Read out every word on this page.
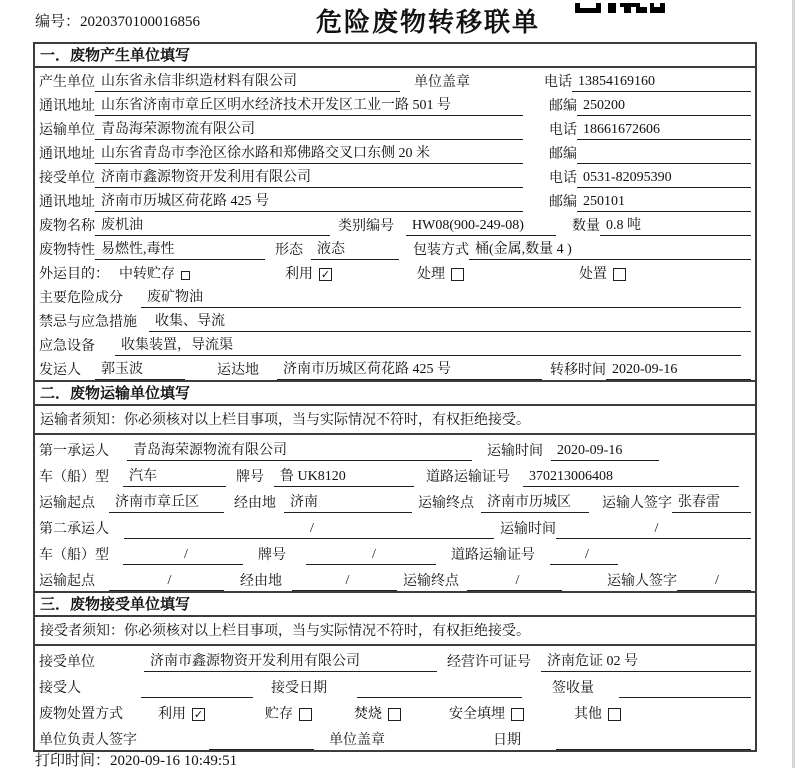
编号：2020370100016856	危险废物转移联单
一．废物产生单位填写
产生单位 山东省永信非织造材料有限公司	单位盖章	电话 13854169160
通讯地址 山东省济南市章丘区明水经济技术开发区工业一路 501 号	邮编 250200
运输单位 青岛海荣源物流有限公司	电话 18661672606
通讯地址 山东省青岛市李沧区徐水路和郑佛路交叉口东侧 20 米	邮编
接受单位 济南市鑫源物资开发利用有限公司	电话 0531-82095390
通讯地址 济南市历城区荷花路 425 号	邮编 250101
废物名称 废机油	类别编号	HW08(900-249-08)	数量 0.8 吨
废物特性 易燃性,毒性	形态	液态	包装方式 桶(金属,数量 4 )
外运目的： 中转贮存	利用 ✓	处理	处置
主要危险成分	废矿物油
禁忌与应急措施	收集、导流
应急设备	收集装置，导流渠
发运人	郭玉波	运达地	济南市历城区荷花路 425 号	转移时间 2020-09-16
二．废物运输单位填写
运输者须知：你必须核对以上栏目事项，当与实际情况不符时，有权拒绝接受。
第一承运人	青岛海荣源物流有限公司	运输时间	2020-09-16
车（船）型	汽车	牌号	鲁 UK8120	道路运输证号	370213006408
运输起点	济南市章丘区	经由地	济南	运输终点 济南市历城区	运输人签字 张春雷
第二承运人	/	运输时间	/
车（船）型	/	牌号	/	道路运输证号	/
运输起点	/	经由地	/	运输终点	/	运输人签字	/
三．废物接受单位填写
接受者须知：你必须核对以上栏目事项，当与实际情况不符时，有权拒绝接受。
接受单位	济南市鑫源物资开发利用有限公司	经营许可证号	济南危证 02 号
接受人	接受日期	签收量
废物处置方式	利用 ✓	贮存	焚烧	安全填埋	其他
单位负责人签字	单位盖章	日期
打印时间：2020-09-16 10:49:51
